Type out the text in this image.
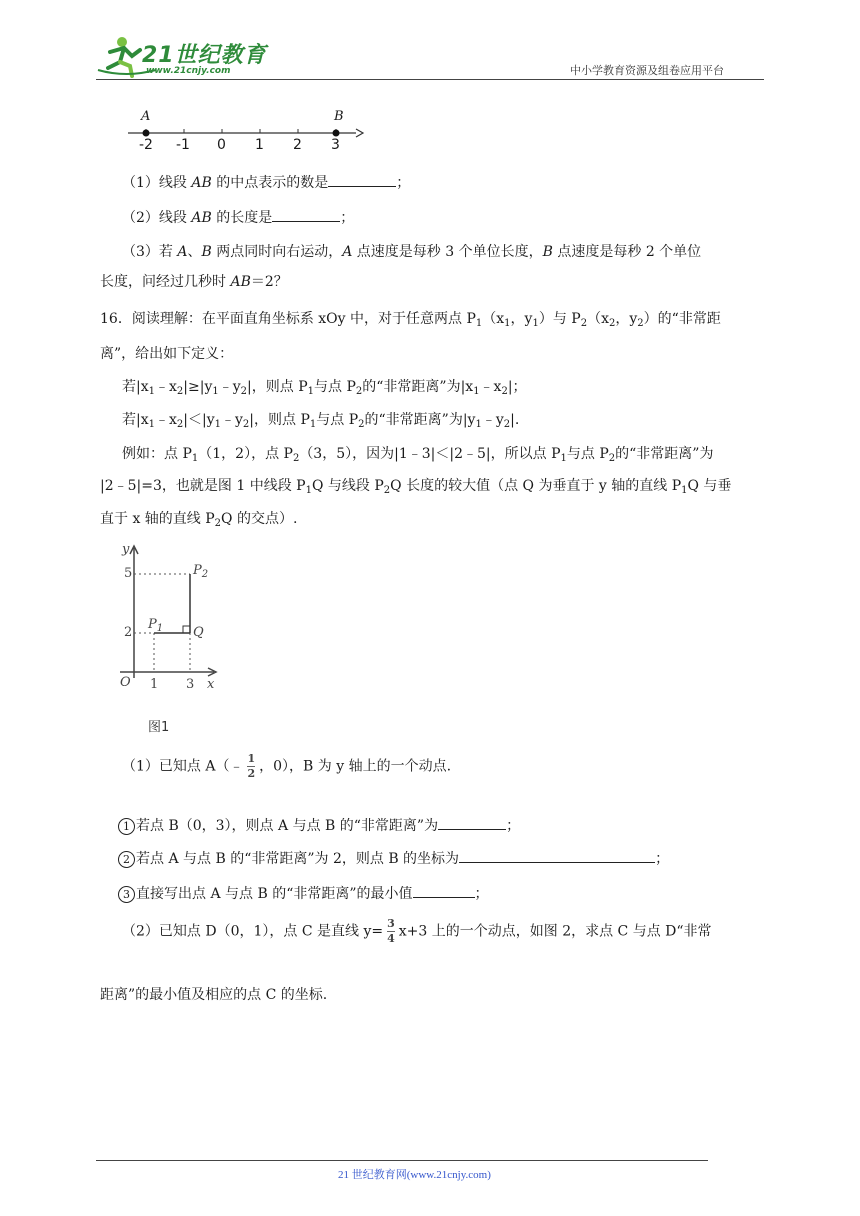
21世纪教育
www.21cnjy.com	中小学教育资源及组卷应用平台
A	B
-2 -1 0 1 2 3
（1）线段 AB 的中点表示的数是	；
（2）线段 AB 的长度是	；
（3）若 A、B 两点同时向右运动，A 点速度是每秒 3 个单位长度，B 点速度是每秒 2 个单位
长度，问经过几秒时 AB＝2？
16．阅读理解：在平面直角坐标系 xOy 中，对于任意两点 $P_1(x_1$，$y_1$）与 $P_2(x_2$，$y_2$）的“非常距
离”，给出如下定义：
若$|x_1﹣x_2|\ge|y_1﹣y_2|$，则点 $P_1$与点 $P_2$的“非常距离”为$|x_1﹣x_2|$；
若$|x_1﹣x_2|<|y_1﹣y_2|$，则点 $P_1$与点 $P_2$的“非常距离”为$|y_1﹣y_2|$.
例如：点 $P_1(1$，2），点 $P_2(3$，5），因为|1﹣3|＜|2﹣5|，所以点 $P_1$与点 $P_2$的“非常距离”为
|2﹣5|=3，也就是图 1 中线段 $P_1Q$ 与线段 $P_2Q$ 长度的较大值（点 Q 为垂直于 y 轴的直线 $P_1Q$ 与垂
直于 x 轴的直线 $P_2Q$ 的交点）.
y
x
O
5
2
1 3
$P_1$
$P_2$
Q
图1
（1）已知点 A（﹣ $\frac{1}{2}$ ，0），B 为 y 轴上的一个动点.
1 若点 B（0，3），则点 A 与点 B 的“非常距离”为	；
2 若点 A 与点 B 的“非常距离”为 2，则点 B 的坐标为	；
3 直接写出点 A 与点 B 的“非常距离”的最小值	；
（2）已知点 D（0，1），点 C 是直线 $y= \frac{3}{4} x+3$ 上的一个动点，如图 2，求点 C 与点 D“非常
距离”的最小值及相应的点 C 的坐标.
21 世纪教育网(www.21cnjy.com)
